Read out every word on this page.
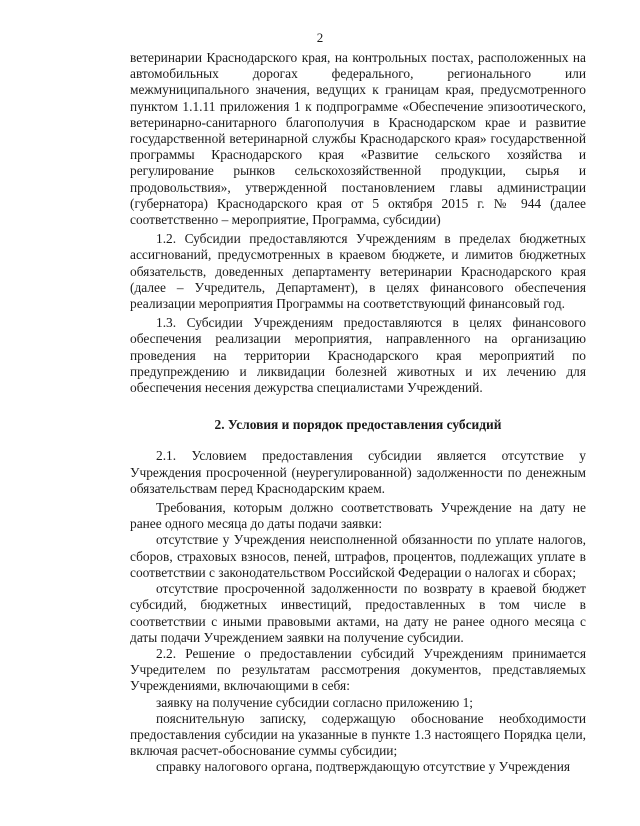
2

ветеринарии Краснодарского края, на контрольных постах, расположенных на автомобильных дорогах федерального, регионального или межмуниципального значения, ведущих к границам края, предусмотренного пунктом 1.1.11 приложения 1 к подпрограмме «Обеспечение эпизоотического, ветеринарно-санитарного благополучия в Краснодарском крае и развитие государственной ветеринарной службы Краснодарского края» государственной программы Краснодарского края «Развитие сельского хозяйства и регулирование рынков сельскохозяйственной продукции, сырья и продовольствия», утвержденной постановлением главы администрации (губернатора) Краснодарского края от 5 октября 2015 г. № 944 (далее соответственно – мероприятие, Программа, субсидии)

1.2. Субсидии предоставляются Учреждениям в пределах бюджетных ассигнований, предусмотренных в краевом бюджете, и лимитов бюджетных обязательств, доведенных департаменту ветеринарии Краснодарского края (далее – Учредитель, Департамент), в целях финансового обеспечения реализации мероприятия Программы на соответствующий финансовый год.

1.3. Субсидии Учреждениям предоставляются в целях финансового обеспечения реализации мероприятия, направленного на организацию проведения на территории Краснодарского края мероприятий по предупреждению и ликвидации болезней животных и их лечению для обеспечения несения дежурства специалистами Учреждений.

2. Условия и порядок предоставления субсидий

2.1. Условием предоставления субсидии является отсутствие у Учреждения просроченной (неурегулированной) задолженности по денежным обязательствам перед Краснодарским краем.

Требования, которым должно соответствовать Учреждение на дату не ранее одного месяца до даты подачи заявки:

отсутствие у Учреждения неисполненной обязанности по уплате налогов, сборов, страховых взносов, пеней, штрафов, процентов, подлежащих уплате в соответствии с законодательством Российской Федерации о налогах и сборах;

отсутствие просроченной задолженности по возврату в краевой бюджет субсидий, бюджетных инвестиций, предоставленных в том числе в соответствии с иными правовыми актами, на дату не ранее одного месяца с даты подачи Учреждением заявки на получение субсидии.

2.2. Решение о предоставлении субсидий Учреждениям принимается Учредителем по результатам рассмотрения документов, представляемых Учреждениями, включающими в себя:

заявку на получение субсидии согласно приложению 1;

пояснительную записку, содержащую обоснование необходимости предоставления субсидии на указанные в пункте 1.3 настоящего Порядка цели, включая расчет-обоснование суммы субсидии;

справку налогового органа, подтверждающую отсутствие у Учреждения
